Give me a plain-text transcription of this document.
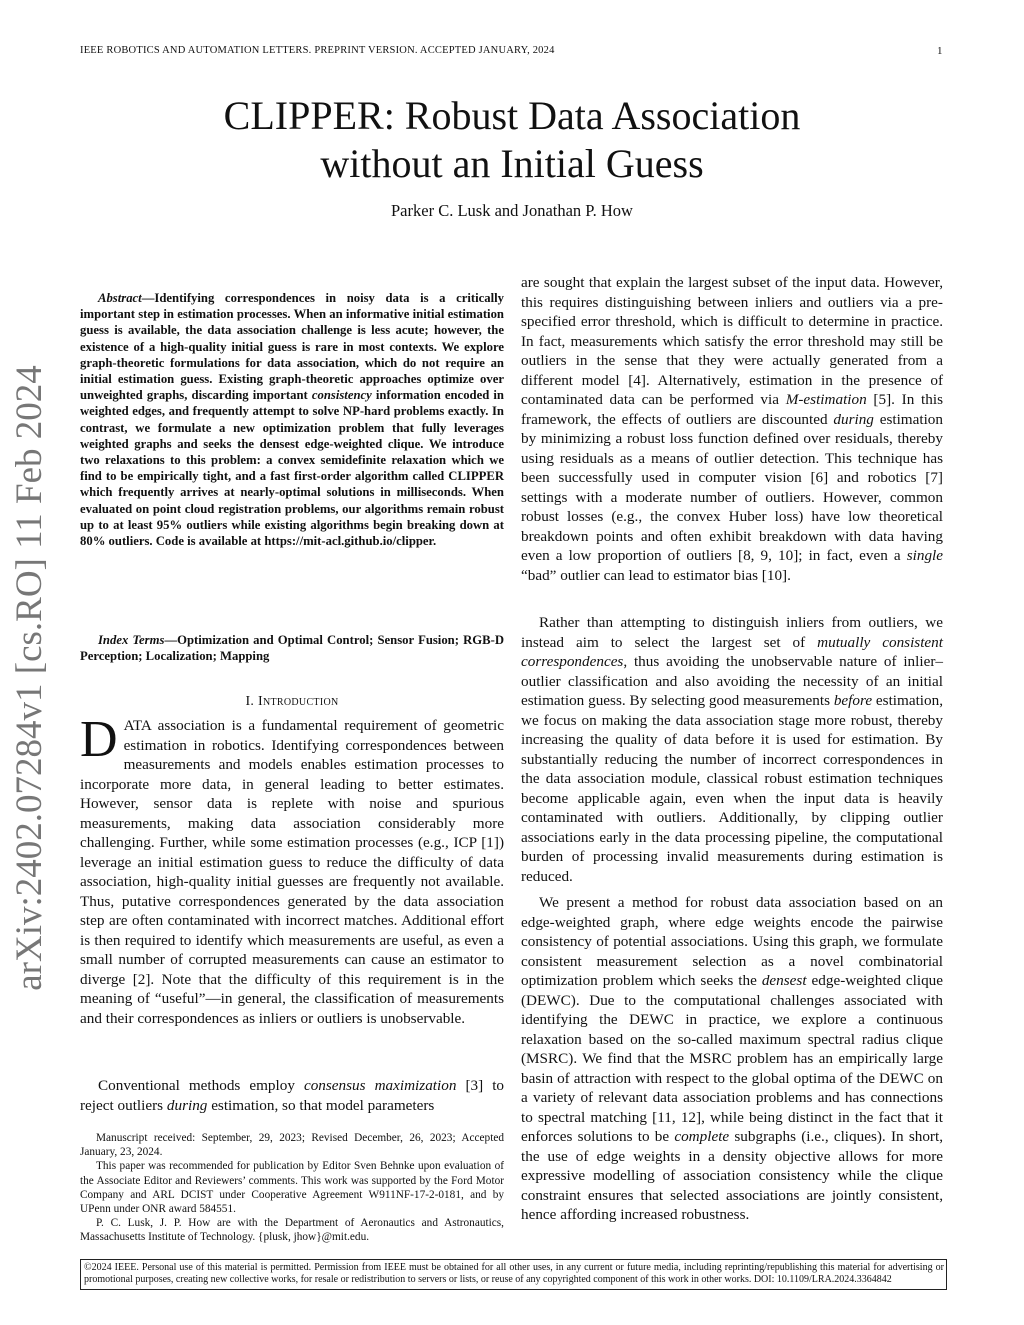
IEEE ROBOTICS AND AUTOMATION LETTERS. PREPRINT VERSION. ACCEPTED JANUARY, 2024	1
CLIPPER: Robust Data Association
without an Initial Guess
Parker C. Lusk and Jonathan P. How
arXiv:2402.07284v1 [cs.RO] 11 Feb 2024

Abstract—Identifying correspondences in noisy data is a critically important step in estimation processes. When an informative initial estimation guess is available, the data association challenge is less acute; however, the existence of a high-quality initial guess is rare in most contexts. We explore graph-theoretic formulations for data association, which do not require an initial estimation guess. Existing graph-theoretic approaches optimize over unweighted graphs, discarding important consistency information encoded in weighted edges, and frequently attempt to solve NP-hard problems exactly. In contrast, we formulate a new optimization problem that fully leverages weighted graphs and seeks the densest edge-weighted clique. We introduce two relaxations to this problem: a convex semidefinite relaxation which we find to be empirically tight, and a fast first-order algorithm called CLIPPER which frequently arrives at nearly-optimal solutions in milliseconds. When evaluated on point cloud registration problems, our algorithms remain robust up to at least 95% outliers while existing algorithms begin breaking down at 80% outliers. Code is available at https://mit-acl.github.io/clipper.

Index Terms—Optimization and Optimal Control; Sensor Fusion; RGB-D Perception; Localization; Mapping

I. Introduction

DATA association is a fundamental requirement of geometric estimation in robotics. Identifying correspondences between measurements and models enables estimation processes to incorporate more data, in general leading to better estimates. However, sensor data is replete with noise and spurious measurements, making data association considerably more challenging. Further, while some estimation processes (e.g., ICP [1]) leverage an initial estimation guess to reduce the difficulty of data association, high-quality initial guesses are frequently not available. Thus, putative correspondences generated by the data association step are often contaminated with incorrect matches. Additional effort is then required to identify which measurements are useful, as even a small number of corrupted measurements can cause an estimator to diverge [2]. Note that the difficulty of this requirement is in the meaning of “useful”—in general, the classification of measurements and their correspondences as inliers or outliers is unobservable.

Conventional methods employ consensus maximization [3] to reject outliers during estimation, so that model parameters

Manuscript received: September, 29, 2023; Revised December, 26, 2023; Accepted January, 23, 2024.

This paper was recommended for publication by Editor Sven Behnke upon evaluation of the Associate Editor and Reviewers’ comments. This work was supported by the Ford Motor Company and ARL DCIST under Cooperative Agreement W911NF-17-2-0181, and by UPenn under ONR award 584551.

P. C. Lusk, J. P. How are with the Department of Aeronautics and Astronautics, Massachusetts Institute of Technology. {plusk, jhow}@mit.edu.

are sought that explain the largest subset of the input data. However, this requires distinguishing between inliers and outliers via a pre-specified error threshold, which is difficult to determine in practice. In fact, measurements which satisfy the error threshold may still be outliers in the sense that they were actually generated from a different model [4]. Alternatively, estimation in the presence of contaminated data can be performed via M-estimation [5]. In this framework, the effects of outliers are discounted during estimation by minimizing a robust loss function defined over residuals, thereby using residuals as a means of outlier detection. This technique has been successfully used in computer vision [6] and robotics [7] settings with a moderate number of outliers. However, common robust losses (e.g., the convex Huber loss) have low theoretical breakdown points and often exhibit breakdown with data having even a low proportion of outliers [8, 9, 10]; in fact, even a single “bad” outlier can lead to estimator bias [10].

Rather than attempting to distinguish inliers from outliers, we instead aim to select the largest set of mutually consistent correspondences, thus avoiding the unobservable nature of inlier–outlier classification and also avoiding the necessity of an initial estimation guess. By selecting good measurements before estimation, we focus on making the data association stage more robust, thereby increasing the quality of data before it is used for estimation. By substantially reducing the number of incorrect correspondences in the data association module, classical robust estimation techniques become applicable again, even when the input data is heavily contaminated with outliers. Additionally, by clipping outlier associations early in the data processing pipeline, the computational burden of processing invalid measurements during estimation is reduced.

We present a method for robust data association based on an edge-weighted graph, where edge weights encode the pairwise consistency of potential associations. Using this graph, we formulate consistent measurement selection as a novel combinatorial optimization problem which seeks the densest edge-weighted clique (DEWC). Due to the computational challenges associated with identifying the DEWC in practice, we explore a continuous relaxation based on the so-called maximum spectral radius clique (MSRC). We find that the MSRC problem has an empirically large basin of attraction with respect to the global optima of the DEWC on a variety of relevant data association problems and has connections to spectral matching [11, 12], while being distinct in the fact that it enforces solutions to be complete subgraphs (i.e., cliques). In short, the use of edge weights in a density objective allows for more expressive modelling of association consistency while the clique constraint ensures that selected associations are jointly consistent, hence affording increased robustness.

©2024 IEEE. Personal use of this material is permitted. Permission from IEEE must be obtained for all other uses, in any current or future media, including reprinting/republishing this material for advertising or promotional purposes, creating new collective works, for resale or redistribution to servers or lists, or reuse of any copyrighted component of this work in other works. DOI: 10.1109/LRA.2024.3364842
